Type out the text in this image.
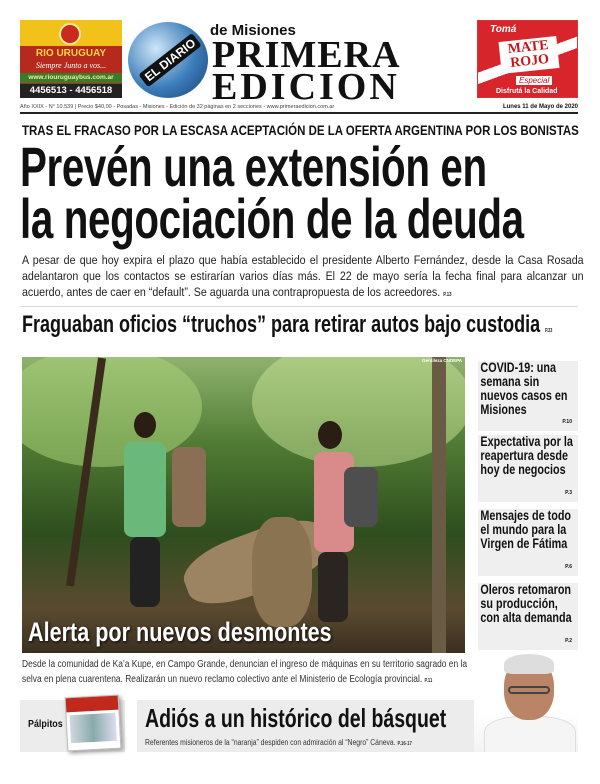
RIO URUGUAY
Siempre Junto a vos...
www.riouruguaybus.com.ar
4456513 - 4456518
EL DIARIO
de Misiones
PRIMERA
EDICION
Tomá
MATE ROJO
Especial
Disfrutá la Calidad
Año XXIX - N° 10.539 | Precio $40,00 - Posadas - Misiones - Edición de 32 páginas en 2 secciones - www.primeraedicion.com.ar	Lunes 11 de Mayo de 2020
TRAS EL FRACASO POR LA ESCASA ACEPTACIÓN DE LA OFERTA ARGENTINA POR LOS BONISTAS
Prevén una extensión en
la negociación de la deuda
A pesar de que hoy expira el plazo que había establecido el presidente Alberto Fernández, desde la Casa Rosada adelantaron que los contactos se estirarían varios días más. El 22 de mayo sería la fecha final para alcanzar un acuerdo, antes de caer en “default”. Se aguarda una contrapropuesta de los acreedores. P.13
Fraguaban oficios “truchos” para retirar autos bajo custodia P.23
Gentileza CNDEPA
Alerta por nuevos desmontes
COVID-19: una semana sin nuevos casos en Misiones
P.10
Expectativa por la reapertura desde hoy de negocios
P.3
Mensajes de todo el mundo para la Virgen de Fátima
P.6
Oleros retomaron su producción, con alta demanda
P.2
Desde la comunidad de Ka’a Kupe, en Campo Grande, denuncian el ingreso de máquinas en su territorio sagrado en la selva en plena cuarentena. Realizarán un nuevo reclamo colectivo ante el Ministerio de Ecología provincial. P.11
Pálpitos	Adiós a un histórico del básquet
Referentes misioneros de la “naranja” despiden con admiración al “Negro” Cáneva. P.16-17
